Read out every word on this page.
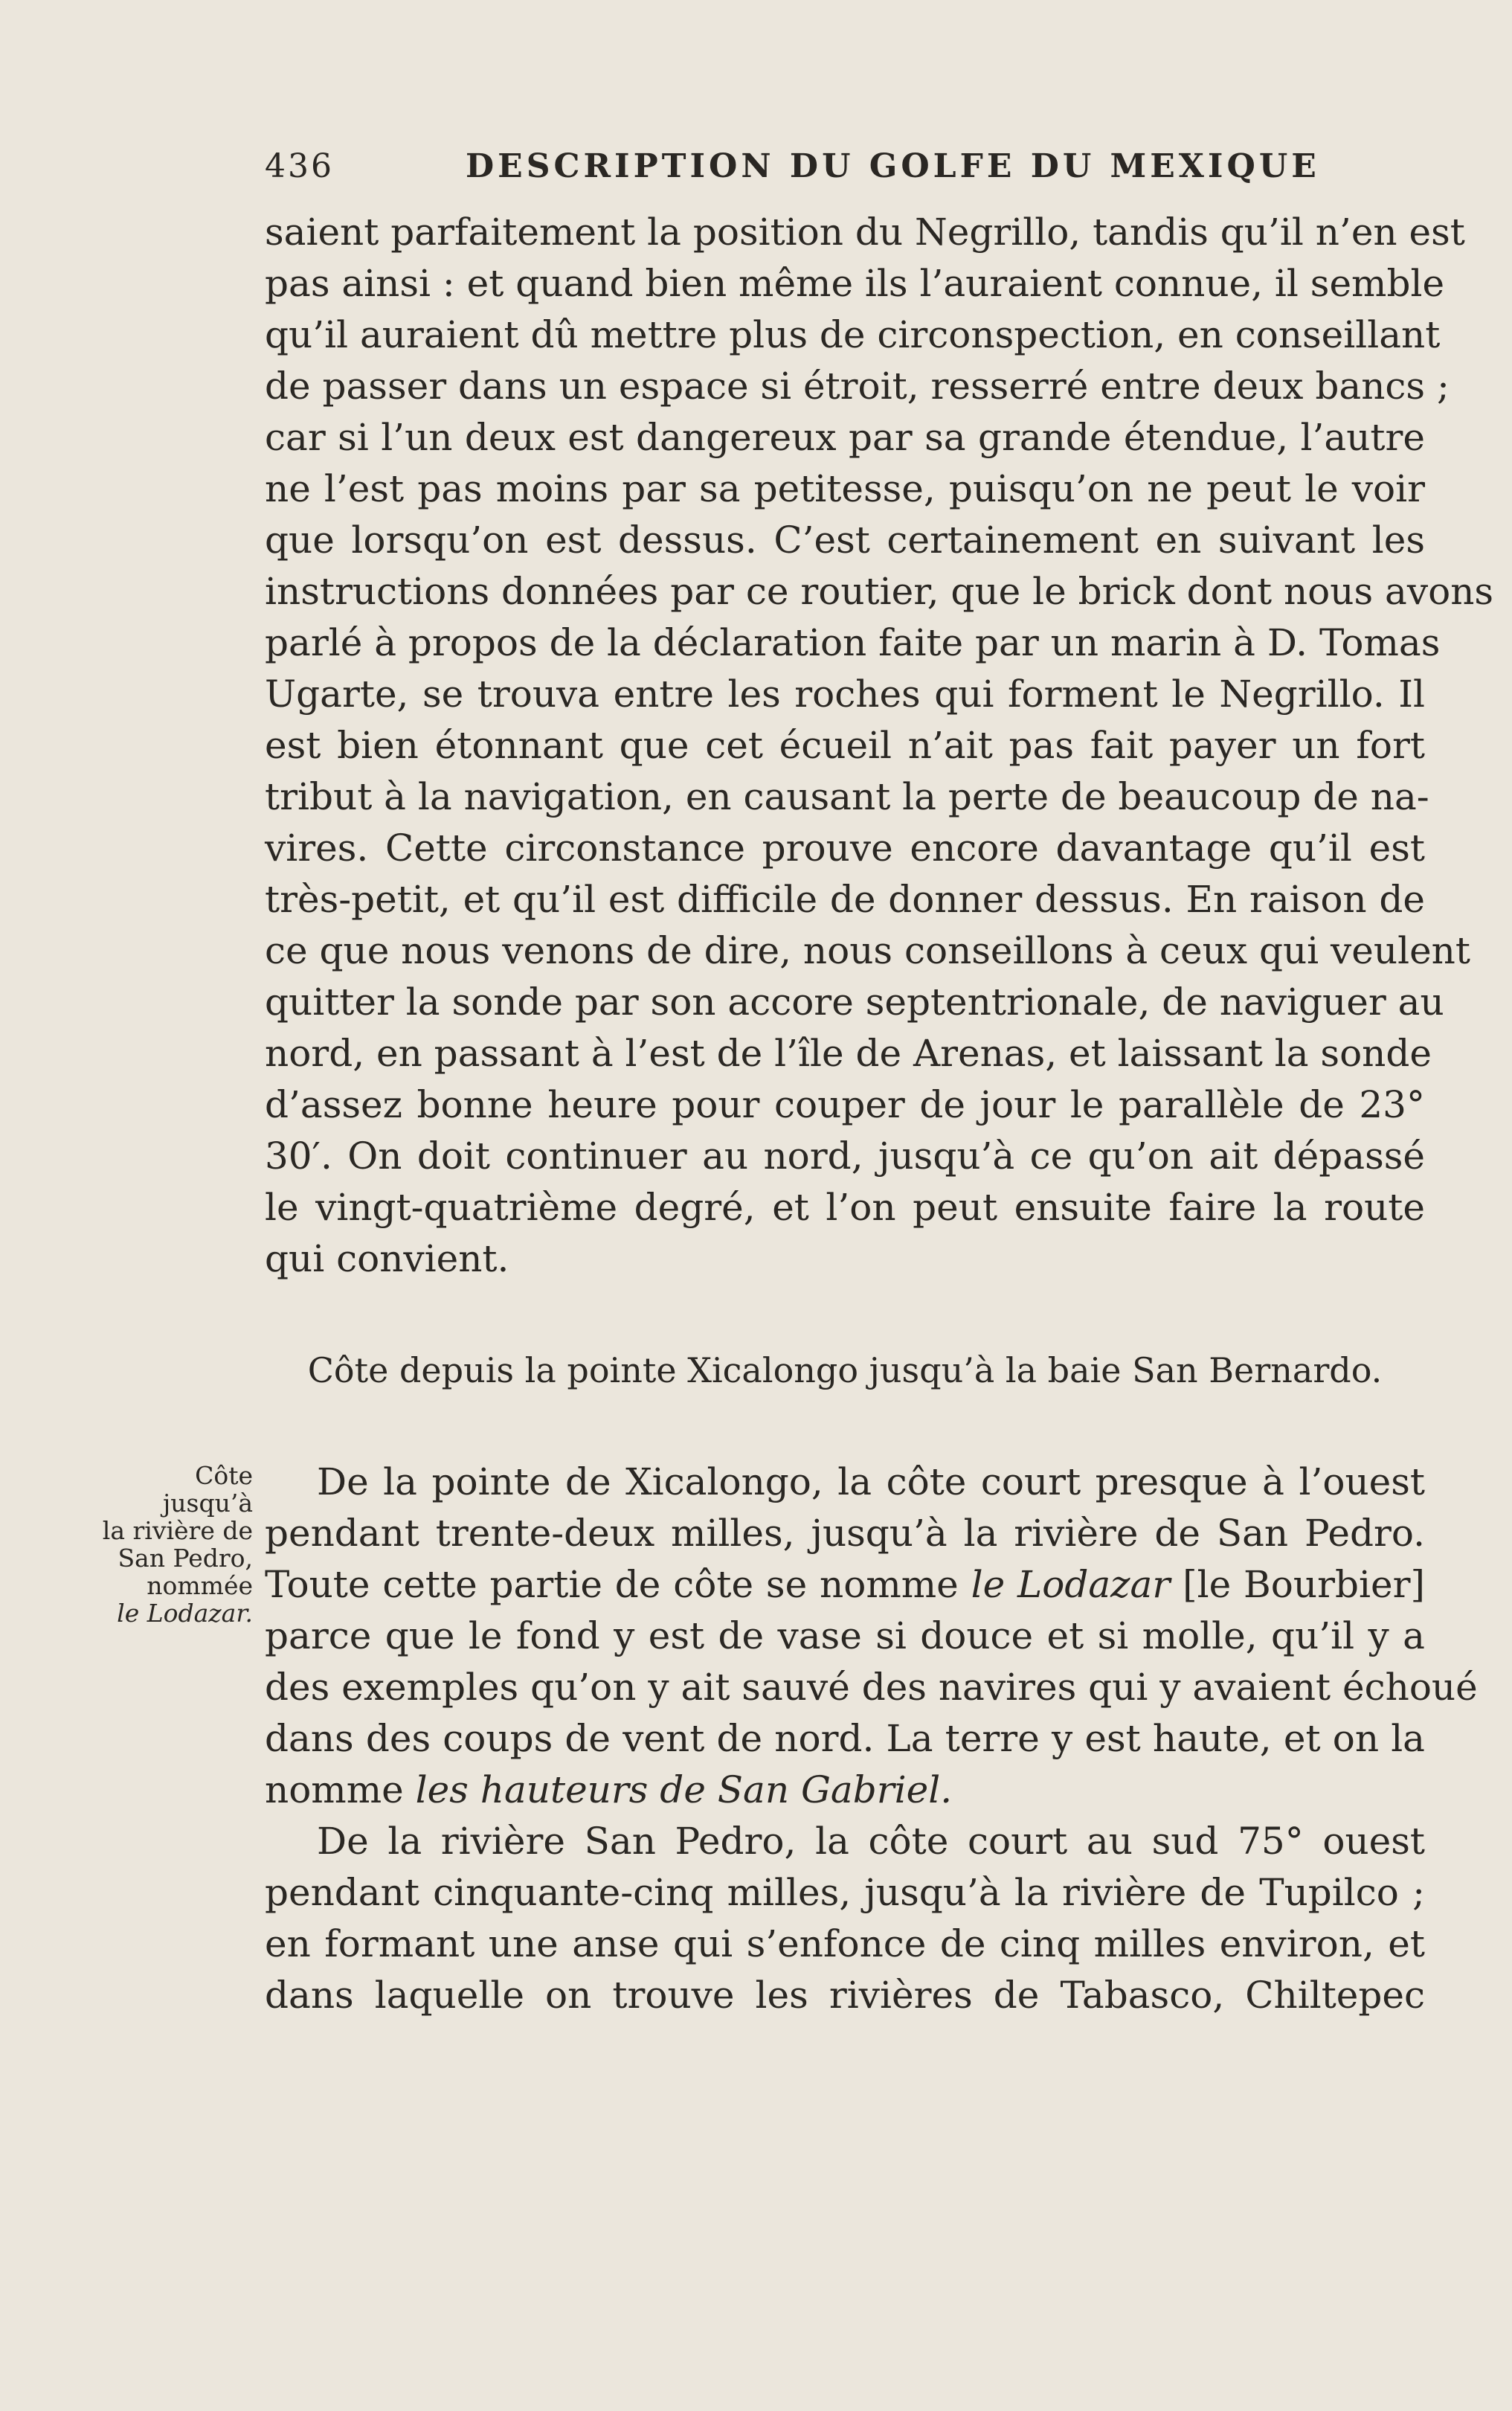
436	DESCRIPTION DU GOLFE DU MEXIQUE
saient parfaitement la position du Negrillo, tandis qu’il n’en est
pas ainsi : et quand bien même ils l’auraient connue, il semble
qu’il auraient dû mettre plus de circonspection, en conseillant
de passer dans un espace si étroit, resserré entre deux bancs ;
car si l’un deux est dangereux par sa grande étendue, l’autre
ne l’est pas moins par sa petitesse, puisqu’on ne peut le voir
que lorsqu’on est dessus. C’est certainement en suivant les
instructions données par ce routier, que le brick dont nous avons
parlé à propos de la déclaration faite par un marin à D. Tomas
Ugarte, se trouva entre les roches qui forment le Negrillo. Il
est bien étonnant que cet écueil n’ait pas fait payer un fort
tribut à la navigation, en causant la perte de beaucoup de na-
vires. Cette circonstance prouve encore davantage qu’il est
très-petit, et qu’il est difficile de donner dessus. En raison de
ce que nous venons de dire, nous conseillons à ceux qui veulent
quitter la sonde par son accore septentrionale, de naviguer au
nord, en passant à l’est de l’île de Arenas, et laissant la sonde
d’assez bonne heure pour couper de jour le parallèle de 23°
30′. On doit continuer au nord, jusqu’à ce qu’on ait dépassé
le vingt-quatrième degré, et l’on peut ensuite faire la route
qui convient.
Côte depuis la pointe Xicalongo jusqu’à la baie San Bernardo.
Côte
jusqu’à
la rivière de
San Pedro,
nommée
le Lodazar.
De la pointe de Xicalongo, la côte court presque à l’ouest
pendant trente-deux milles, jusqu’à la rivière de San Pedro.
Toute cette partie de côte se nomme le Lodazar [le Bourbier]
parce que le fond y est de vase si douce et si molle, qu’il y a
des exemples qu’on y ait sauvé des navires qui y avaient échoué
dans des coups de vent de nord. La terre y est haute, et on la
nomme les hauteurs de San Gabriel.
De la rivière San Pedro, la côte court au sud 75° ouest
pendant cinquante-cinq milles, jusqu’à la rivière de Tupilco ;
en formant une anse qui s’enfonce de cinq milles environ, et
dans laquelle on trouve les rivières de Tabasco, Chiltepec
